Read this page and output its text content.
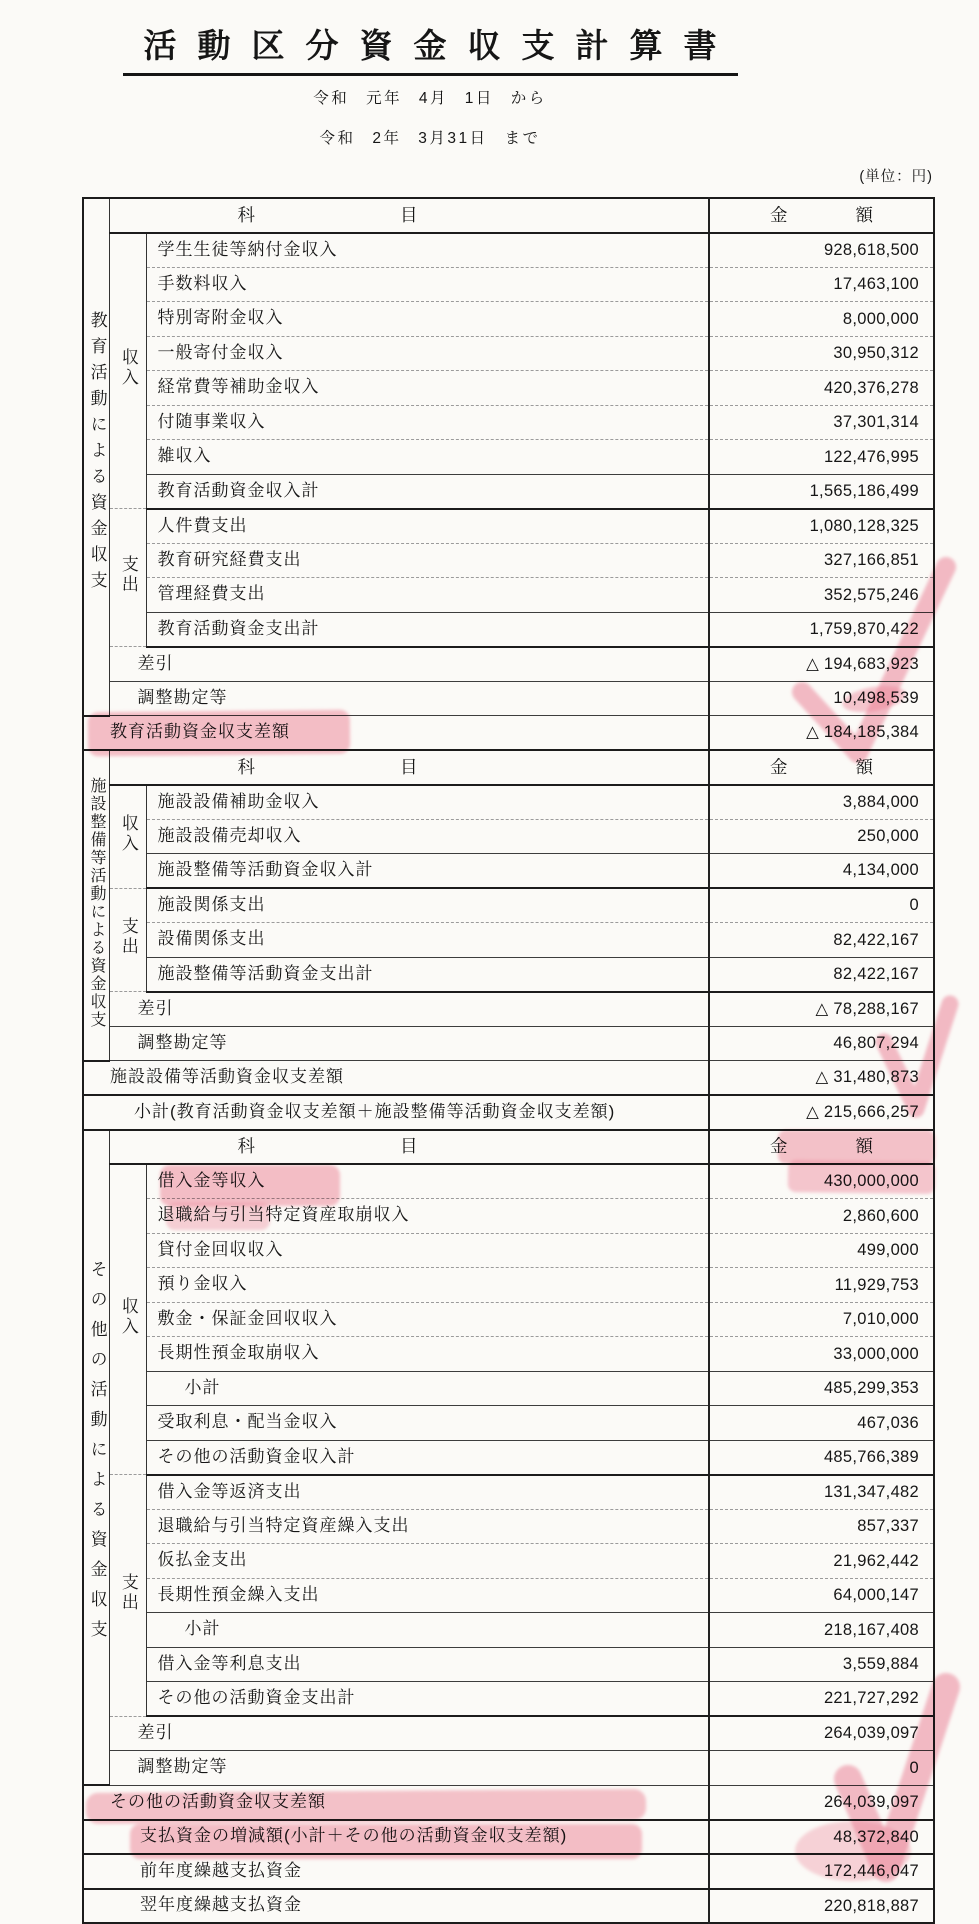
活動区分資金収支計算書
令和 元年 4月 1日 から
令和 2年 3月31日 まで
(単位：円)
教育活動による資金収支	科 目		金 額

	収入	学生生徒等納付金収入	928,618,500
		手数料収入	17,463,100
		特別寄附金収入	8,000,000
		一般寄付金収入	30,950,312
		経常費等補助金収入	420,376,278
		付随事業収入	37,301,314
		雑収入	122,476,995
		教育活動資金収入計	1,565,186,499
	支出	人件費支出	1,080,128,325
		教育研究経費支出	327,166,851
		管理経費支出	352,575,246
		教育活動資金支出計	1,759,870,422
	差引		△ 194,683,923
	調整勘定等		10,498,539
教育活動資金収支差額			△ 184,185,384
施設整備等活動による資金収支	科 目		金 額

	収入	施設設備補助金収入	3,884,000
		施設設備売却収入	250,000
		施設整備等活動資金収入計	4,134,000
	支出	施設関係支出	0
		設備関係支出	82,422,167
		施設整備等活動資金支出計	82,422,167
	差引		△ 78,288,167
	調整勘定等		46,807,294
施設設備等活動資金収支差額			△ 31,480,873
小計(教育活動資金収支差額＋施設整備等活動資金収支差額)			△ 215,666,257
その他の活動による資金収支	科 目		金 額

	収入	借入金等収入	430,000,000
		退職給与引当特定資産取崩収入	2,860,600
		貸付金回収収入	499,000
		預り金収入	11,929,753
		敷金・保証金回収収入	7,010,000
		長期性預金取崩収入	33,000,000
		小計	485,299,353
		受取利息・配当金収入	467,036
		その他の活動資金収入計	485,766,389
	支出	借入金等返済支出	131,347,482
		退職給与引当特定資産繰入支出	857,337
		仮払金支出	21,962,442
		長期性預金繰入支出	64,000,147
		小計	218,167,408
		借入金等利息支出	3,559,884
		その他の活動資金支出計	221,727,292
	差引		264,039,097
	調整勘定等		0
その他の活動資金収支差額			264,039,097
支払資金の増減額(小計＋その他の活動資金収支差額)			48,372,840
前年度繰越支払資金			172,446,047
翌年度繰越支払資金			220,818,887
